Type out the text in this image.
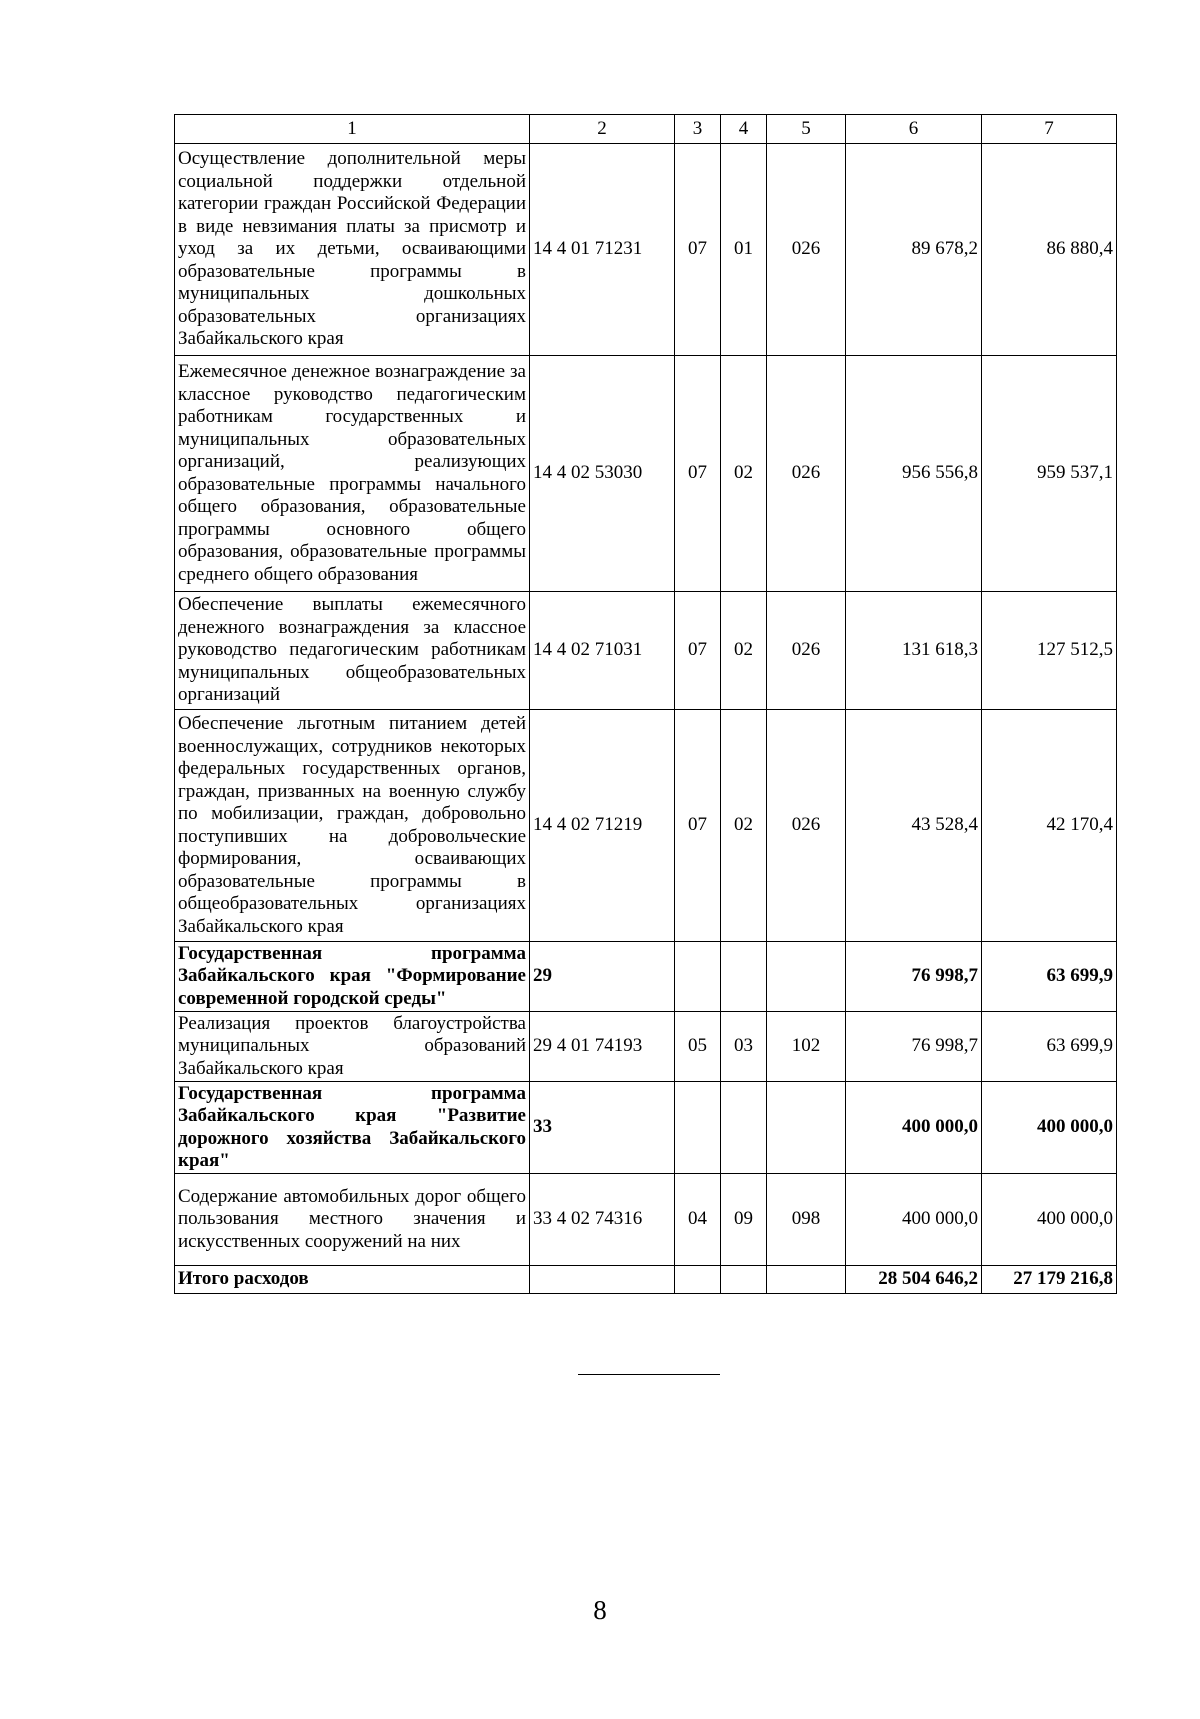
1	2	3	4	5	6	7
Осуществление дополнительной меры социальной поддержки отдельной категории граждан Российской Федерации в виде невзимания платы за присмотр и уход за их детьми, осваивающими образовательные программы в муниципальных дошкольных образовательных организациях Забайкальского края	14 4 01 71231	07	01	026	89 678,2	86 880,4
Ежемесячное денежное вознаграждение за классное руководство педагогическим работникам государственных и муниципальных образовательных организаций, реализующих образовательные программы начального общего образования, образовательные программы основного общего образования, образовательные программы среднего общего образования	14 4 02 53030	07	02	026	956 556,8	959 537,1
Обеспечение выплаты ежемесячного денежного вознаграждения за классное руководство педагогическим работникам муниципальных общеобразовательных организаций	14 4 02 71031	07	02	026	131 618,3	127 512,5
Обеспечение льготным питанием детей военнослужащих, сотрудников некоторых федеральных государственных органов, граждан, призванных на военную службу по мобилизации, граждан, добровольно поступивших на добровольческие формирования, осваивающих образовательные программы в общеобразовательных организациях Забайкальского края	14 4 02 71219	07	02	026	43 528,4	42 170,4
Государственная программа Забайкальского края "Формирование современной городской среды"	29				76 998,7	63 699,9
Реализация проектов благоустройства муниципальных образований Забайкальского края	29 4 01 74193	05	03	102	76 998,7	63 699,9
Государственная программа Забайкальского края "Развитие дорожного хозяйства Забайкальского края"	33				400 000,0	400 000,0
Содержание автомобильных дорог общего пользования местного значения и искусственных сооружений на них	33 4 02 74316	04	09	098	400 000,0	400 000,0
Итого расходов					28 504 646,2	27 179 216,8
8
